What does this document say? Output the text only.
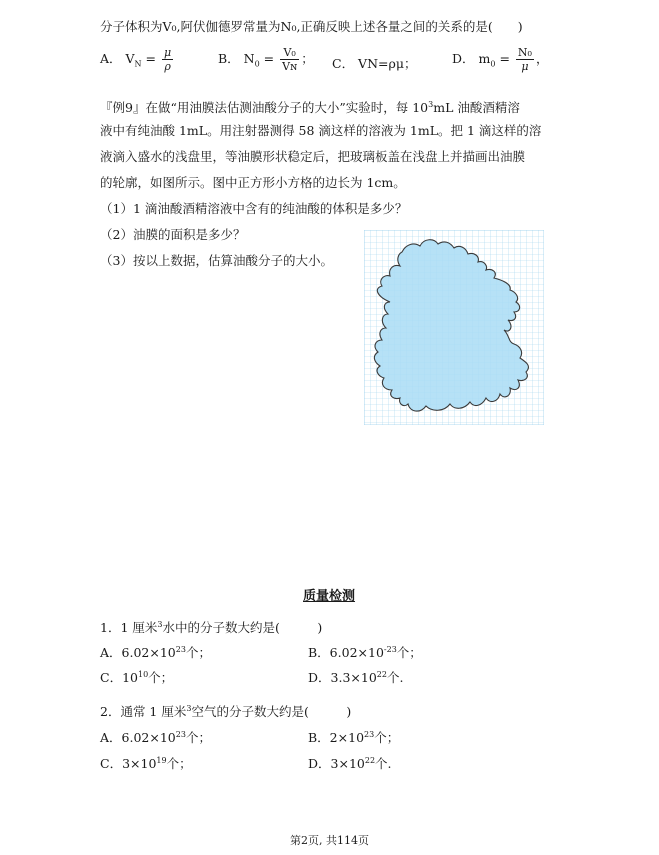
分子体积为V₀,阿伏伽德罗常量为N₀,正确反映上述各量之间的关系的是(　　)
A． $V_N = \frac{\mu}{\rho}$	B． $N_0 = \frac{\text{V₀}}{\text{Vɴ}}$ ； C． VN=ρμ；	D． $m_0 = \frac{\text{N₀}}{\mu}$ ，
『例9』在做“用油膜法估测油酸分子的大小”实验时，每 $10^3mL$ 油酸酒精溶
液中有纯油酸 1mL。用注射器测得 58 滴这样的溶液为 1mL。把 1 滴这样的溶
液滴入盛水的浅盘里，等油膜形状稳定后，把玻璃板盖在浅盘上并描画出油膜
的轮廓，如图所示。图中正方形小方格的边长为 1cm。
（1）1 滴油酸酒精溶液中含有的纯油酸的体积是多少？
（2）油膜的面积是多少？
（3）按以上数据，估算油酸分子的大小。
质量检测
1．1 厘米$^3$水中的分子数大约是(　　　)
A．$6.02\times 10^{23}$个；	B．$6.02\times 10^{-23}$个；
C．$10^{10}$个；	D．$3.3\times 10^{22}$个.
2．通常 1 厘米$^3$空气的分子数大约是(　　　)
A．$6.02\times 10^{23}$个；	B．$2\times 10^{23}$个；
C．$3\times 10^{19}$个；	D．$3\times 10^{22}$个.
第2页, 共114页
